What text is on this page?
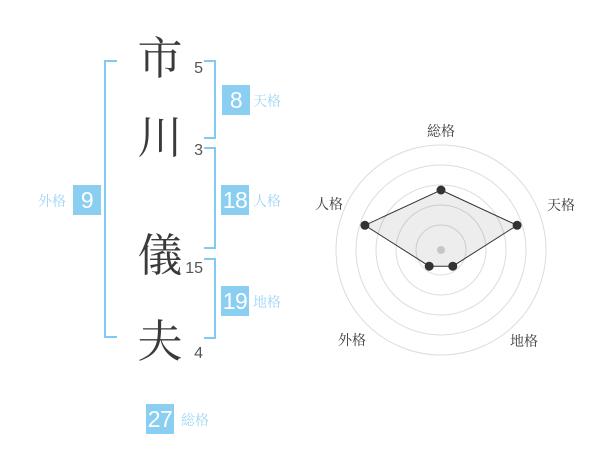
市
川
儀
夫
5
3
15
4
8 天格
18 人格
19 地格
外格 9
27 総格
総格
天格
地格
外格
人格
